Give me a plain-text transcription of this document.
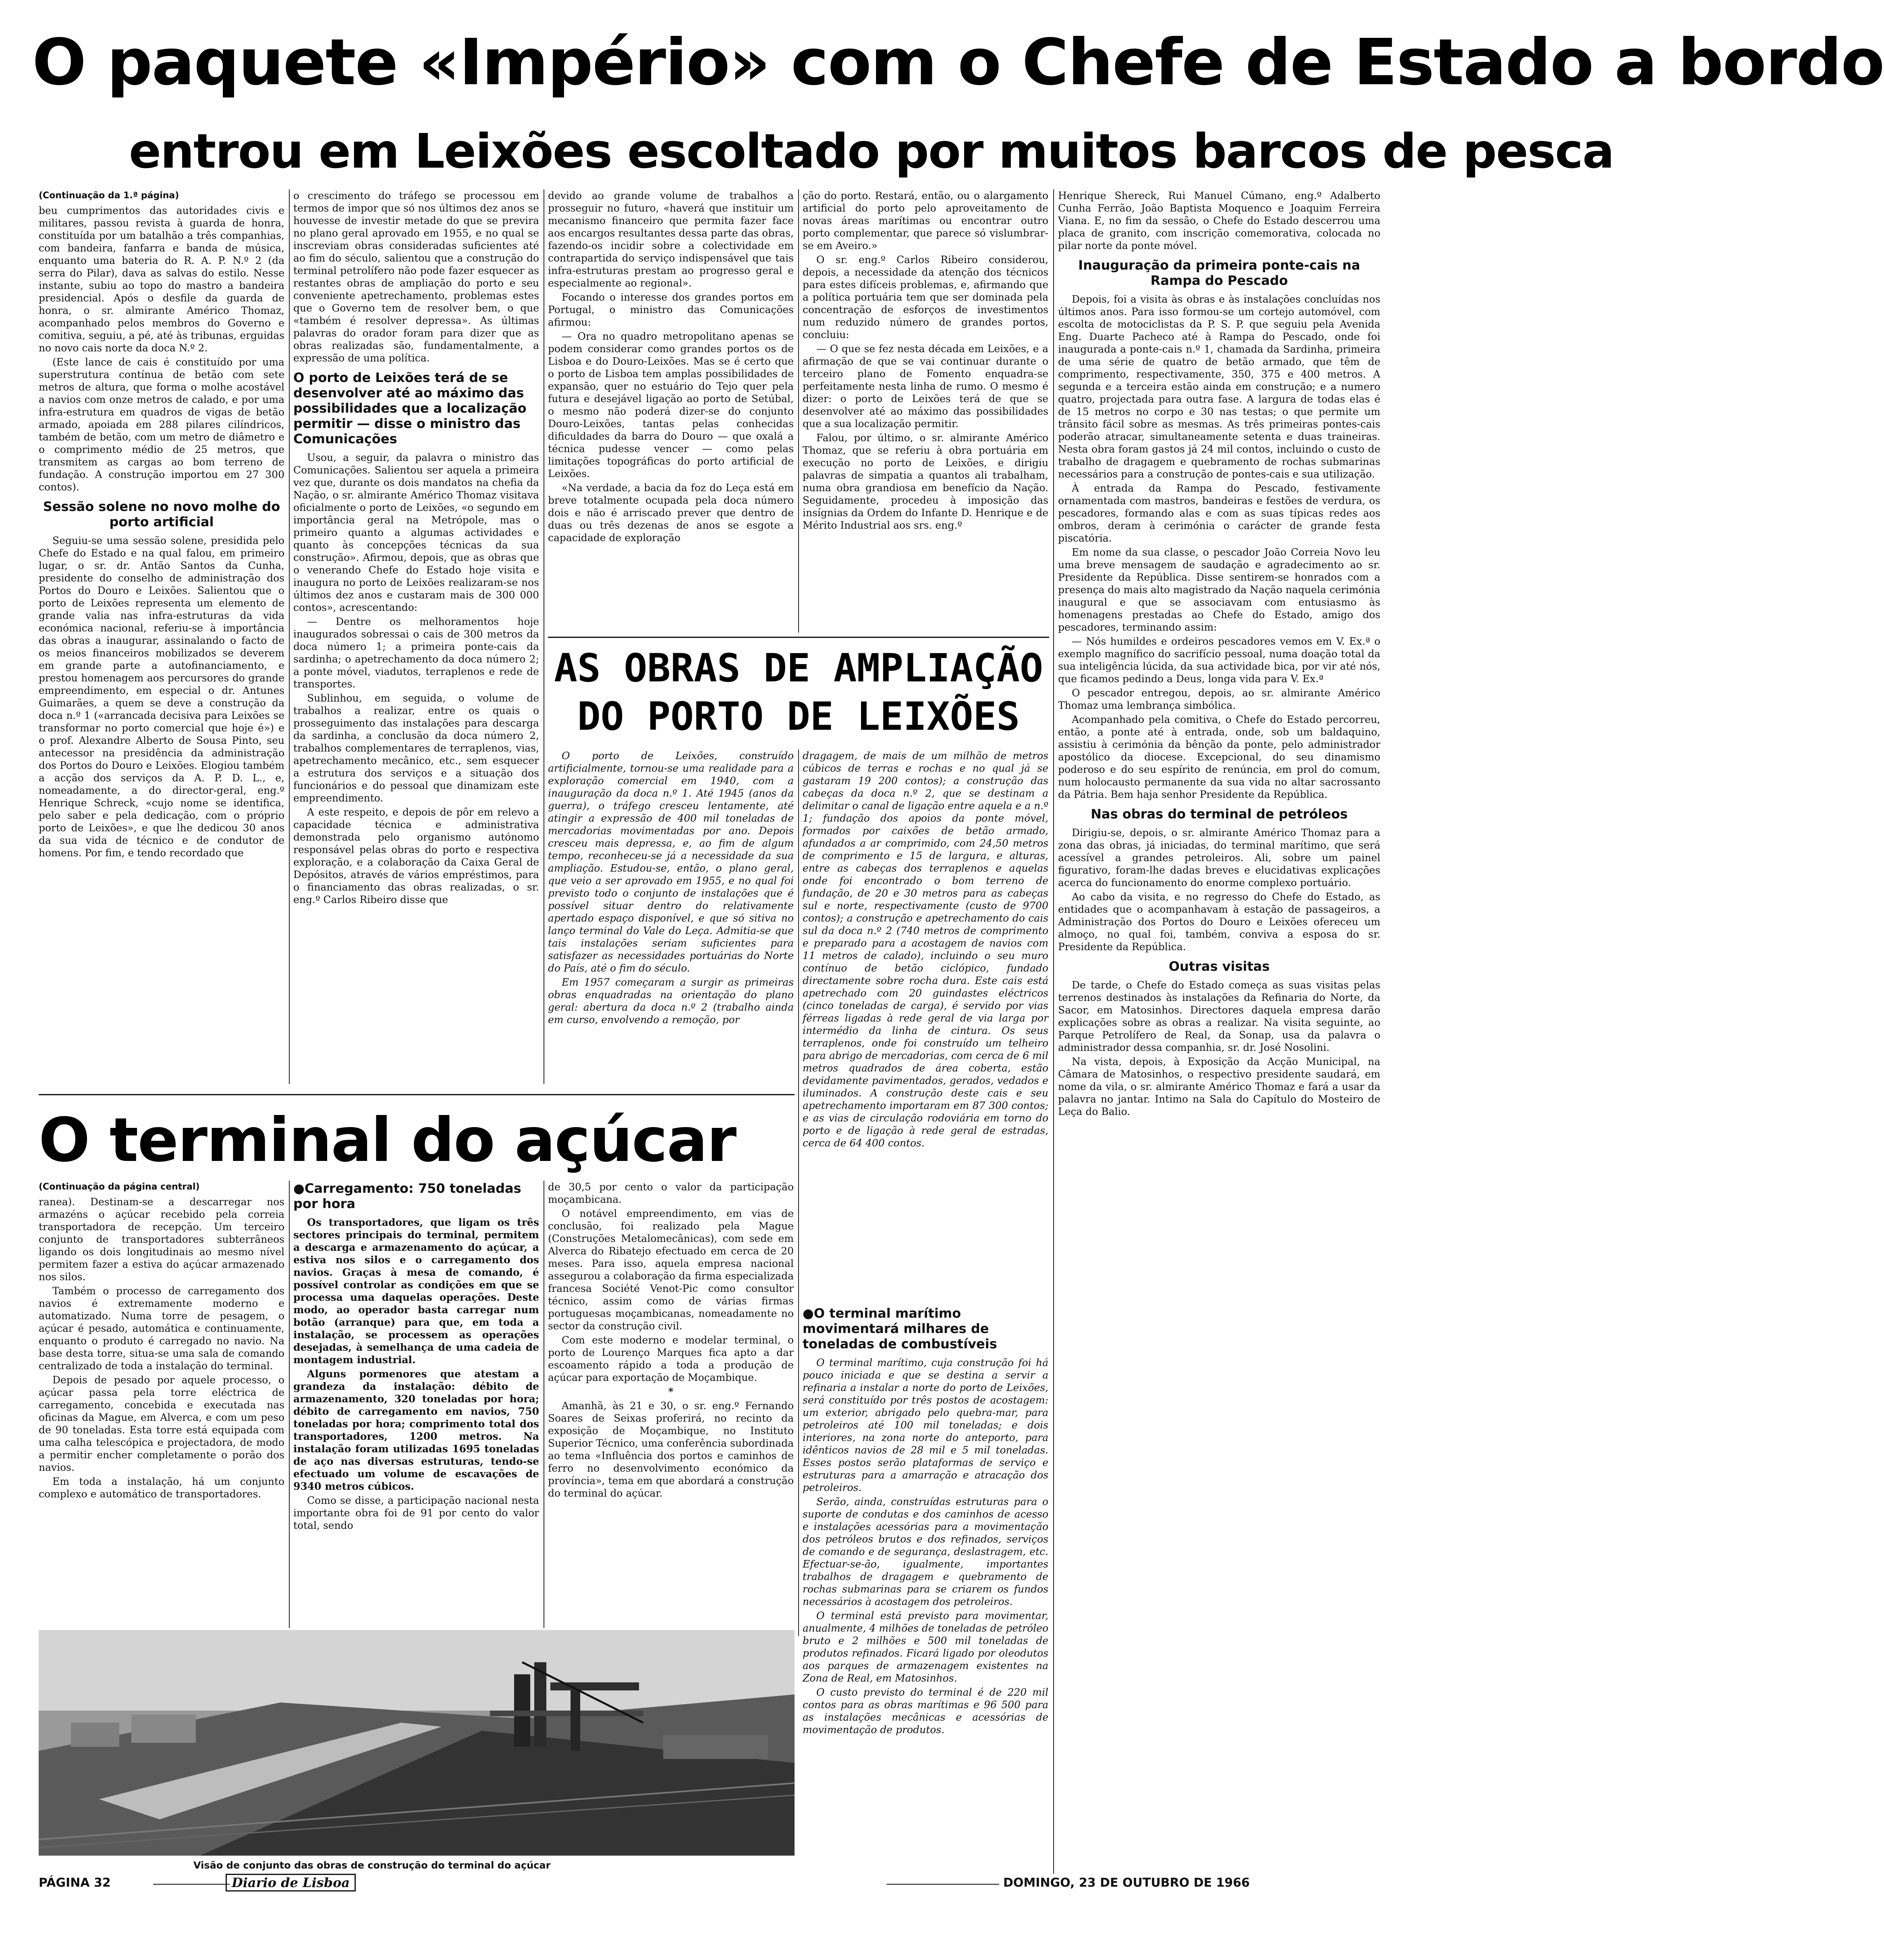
O paquete «Império» com o Chefe de Estado a bordo
entrou em Leixões escoltado por muitos barcos de pesca
(Continuação da 1.ª página)

beu cumprimentos das autoridades civis e militares, passou revista à guarda de honra, constituída por um batalhão a três companhias, com bandeira, fanfarra e banda de música, enquanto uma bateria do R. A. P. N.º 2 (da serra do Pilar), dava as salvas do estilo. Nesse instante, subiu ao topo do mastro a bandeira presidencial. Após o desfile da guarda de honra, o sr. almirante Américo Thomaz, acompanhado pelos membros do Governo e comitiva, seguiu, a pé, até às tribunas, erguidas no novo cais norte da doca N.º 2.

(Este lance de cais é constituído por uma superstrutura contínua de betão com sete metros de altura, que forma o molhe acostável a navios com onze metros de calado, e por uma infra-estrutura em quadros de vigas de betão armado, apoiada em 288 pilares cilíndricos, também de betão, com um metro de diâmetro e o comprimento médio de 25 metros, que transmitem as cargas ao bom terreno de fundação. A construção importou em 27 300 contos).

Sessão solene no novo molhe do porto artificial

Seguiu-se uma sessão solene, presidida pelo Chefe do Estado e na qual falou, em primeiro lugar, o sr. dr. Antão Santos da Cunha, presidente do conselho de administração dos Portos do Douro e Leixões. Salientou que o porto de Leixões representa um elemento de grande valia nas infra-estruturas da vida económica nacional, referiu-se à importância das obras a inaugurar, assinalando o facto de os meios financeiros mobilizados se deverem em grande parte a autofinanciamento, e prestou homenagem aos percursores do grande empreendimento, em especial o dr. Antunes Guimarães, a quem se deve a construção da doca n.º 1 («arrancada decisiva para Leixões se transformar no porto comercial que hoje é») e o prof. Alexandre Alberto de Sousa Pinto, seu antecessor na presidência da administração dos Portos do Douro e Leixões. Elogiou também a acção dos serviços da A. P. D. L., e, nomeadamente, a do director-geral, eng.º Henrique Schreck, «cujo nome se identifica, pelo saber e pela dedicação, com o próprio porto de Leixões», e que lhe dedicou 30 anos da sua vida de técnico e de condutor de homens. Por fim, e tendo recordado que

o crescimento do tráfego se processou em termos de impor que só nos últimos dez anos se houvesse de investir metade do que se previra no plano geral aprovado em 1955, e no qual se inscreviam obras consideradas suficientes até ao fim do século, salientou que a construção do terminal petrolífero não pode fazer esquecer as restantes obras de ampliação do porto e seu conveniente apetrechamento, problemas estes que o Governo tem de resolver bem, o que «também é resolver depressa». As últimas palavras do orador foram para dizer que as obras realizadas são, fundamentalmente, a expressão de uma política.

O porto de Leixões terá de se desenvolver até ao máximo das possibilidades que a localização permitir — disse o ministro das Comunicações

Usou, a seguir, da palavra o ministro das Comunicações. Salientou ser aquela a primeira vez que, durante os dois mandatos na chefia da Nação, o sr. almirante Américo Thomaz visitava oficialmente o porto de Leixões, «o segundo em importância geral na Metrópole, mas o primeiro quanto a algumas actividades e quanto às concepções técnicas da sua construção». Afirmou, depois, que as obras que o venerando Chefe do Estado hoje visita e inaugura no porto de Leixões realizaram-se nos últimos dez anos e custaram mais de 300 000 contos», acrescentando:

— Dentre os melhoramentos hoje inaugurados sobressai o cais de 300 metros da doca número 1; a primeira ponte-cais da sardinha; o apetrechamento da doca número 2; a ponte móvel, viadutos, terraplenos e rede de transportes.

Sublinhou, em seguida, o volume de trabalhos a realizar, entre os quais o prosseguimento das instalações para descarga da sardinha, a conclusão da doca número 2, trabalhos complementares de terraplenos, vias, apetrechamento mecânico, etc., sem esquecer a estrutura dos serviços e a situação dos funcionários e do pessoal que dinamizam este empreendimento.

A este respeito, e depois de pôr em relevo a capacidade técnica e administrativa demonstrada pelo organismo autónomo responsável pelas obras do porto e respectiva exploração, e a colaboração da Caixa Geral de Depósitos, através de vários empréstimos, para o financiamento das obras realizadas, o sr. eng.º Carlos Ribeiro disse que

devido ao grande volume de trabalhos a prosseguir no futuro, «haverá que instituir um mecanismo financeiro que permita fazer face aos encargos resultantes dessa parte das obras, fazendo-os incidir sobre a colectividade em contrapartida do serviço indispensável que tais infra-estruturas prestam ao progresso geral e especialmente ao regional».

Focando o interesse dos grandes portos em Portugal, o ministro das Comunicações afirmou:

— Ora no quadro metropolitano apenas se podem considerar como grandes portos os de Lisboa e do Douro-Leixões. Mas se é certo que o porto de Lisboa tem amplas possibilidades de expansão, quer no estuário do Tejo quer pela futura e desejável ligação ao porto de Setúbal, o mesmo não poderá dizer-se do conjunto Douro-Leixões, tantas pelas conhecidas dificuldades da barra do Douro — que oxalá a técnica pudesse vencer — como pelas limitações topográficas do porto artificial de Leixões.

«Na verdade, a bacia da foz do Leça está em breve totalmente ocupada pela doca número dois e não é arriscado prever que dentro de duas ou três dezenas de anos se esgote a capacidade de exploração

ção do porto. Restará, então, ou o alargamento artificial do porto pelo aproveitamento de novas áreas marítimas ou encontrar outro porto complementar, que parece só vislumbrar-se em Aveiro.»

O sr. eng.º Carlos Ribeiro considerou, depois, a necessidade da atenção dos técnicos para estes difíceis problemas, e, afirmando que a política portuária tem que ser dominada pela concentração de esforços de investimentos num reduzido número de grandes portos, concluiu:

— O que se fez nesta década em Leixões, e a afirmação de que se vai continuar durante o terceiro plano de Fomento enquadra-se perfeitamente nesta linha de rumo. O mesmo é dizer: o porto de Leixões terá de que se desenvolver até ao máximo das possibilidades que a sua localização permitir.

Falou, por último, o sr. almirante Américo Thomaz, que se referiu à obra portuária em execução no porto de Leixões, e dirigiu palavras de simpatia a quantos ali trabalham, numa obra grandiosa em benefício da Nação. Seguidamente, procedeu à imposição das insígnias da Ordem do Infante D. Henrique e de Mérito Industrial aos srs. eng.º

Henrique Shereck, Rui Manuel Cúmano, eng.º Adalberto Cunha Ferrão, João Baptista Moquenco e Joaquim Ferreira Viana. E, no fim da sessão, o Chefe do Estado descerrou uma placa de granito, com inscrição comemorativa, colocada no pilar norte da ponte móvel.

Inauguração da primeira ponte-cais na Rampa do Pescado

Depois, foi a visita às obras e às instalações concluídas nos últimos anos. Para isso formou-se um cortejo automóvel, com escolta de motociclistas da P. S. P. que seguiu pela Avenida Eng. Duarte Pacheco até à Rampa do Pescado, onde foi inaugurada a ponte-cais n.º 1, chamada da Sardinha, primeira de uma série de quatro de betão armado, que têm de comprimento, respectivamente, 350, 375 e 400 metros. A segunda e a terceira estão ainda em construção; e a numero quatro, projectada para outra fase. A largura de todas elas é de 15 metros no corpo e 30 nas testas; o que permite um trânsito fácil sobre as mesmas. As três primeiras pontes-cais poderão atracar, simultaneamente setenta e duas traineiras. Nesta obra foram gastos já 24 mil contos, incluindo o custo de trabalho de dragagem e quebramento de rochas submarinas necessários para a construção de pontes-cais e sua utilização.

À entrada da Rampa do Pescado, festivamente ornamentada com mastros, bandeiras e festões de verdura, os pescadores, formando alas e com as suas típicas redes aos ombros, deram à cerimónia o carácter de grande festa piscatória.

Em nome da sua classe, o pescador João Correia Novo leu uma breve mensagem de saudação e agradecimento ao sr. Presidente da República. Disse sentirem-se honrados com a presença do mais alto magistrado da Nação naquela cerimónia inaugural e que se associavam com entusiasmo às homenagens prestadas ao Chefe do Estado, amigo dos pescadores, terminando assim:

— Nós humildes e ordeiros pescadores vemos em V. Ex.ª o exemplo magnífico do sacrifício pessoal, numa doação total da sua inteligência lúcida, da sua actividade bica, por vir até nós, que ficamos pedindo a Deus, longa vida para V. Ex.ª

O pescador entregou, depois, ao sr. almirante Américo Thomaz uma lembrança simbólica.

Acompanhado pela comitiva, o Chefe do Estado percorreu, então, a ponte até à entrada, onde, sob um baldaquino, assistiu à cerimónia da bênção da ponte, pelo administrador apostólico da diocese. Excepcional, do seu dinamismo poderoso e do seu espírito de renúncia, em prol do comum, num holocausto permanente da sua vida no altar sacrossanto da Pátria. Bem haja senhor Presidente da República.

Nas obras do terminal de petróleos

Dirigiu-se, depois, o sr. almirante Américo Thomaz para a zona das obras, já iniciadas, do terminal marítimo, que será acessível a grandes petroleiros. Ali, sobre um painel figurativo, foram-lhe dadas breves e elucidativas explicações acerca do funcionamento do enorme complexo portuário.

Ao cabo da visita, e no regresso do Chefe do Estado, as entidades que o acompanhavam à estação de passageiros, a Administração dos Portos do Douro e Leixões ofereceu um almoço, no qual foi, também, conviva a esposa do sr. Presidente da República.

Outras visitas

De tarde, o Chefe do Estado começa as suas visitas pelas terrenos destinados às instalações da Refinaria do Norte, da Sacor, em Matosinhos. Directores daquela empresa darão explicações sobre as obras a realizar. Na visita seguinte, ao Parque Petrolífero de Real, da Sonap, usa da palavra o administrador dessa companhia, sr. dr. José Nosolini.

Na vista, depois, à Exposição da Acção Municipal, na Câmara de Matosinhos, o respectivo presidente saudará, em nome da vila, o sr. almirante Américo Thomaz e fará a usar da palavra no jantar. Intimo na Sala do Capítulo do Mosteiro de Leça do Balio.

AS OBRAS DE AMPLIAÇÃO
DO PORTO DE LEIXÕES

O porto de Leixões, construído artificialmente, tornou-se uma realidade para a exploração comercial em 1940, com a inauguração da doca n.º 1. Até 1945 (anos da guerra), o tráfego cresceu lentamente, até atingir a expressão de 400 mil toneladas de mercadorias movimentadas por ano. Depois cresceu mais depressa, e, ao fim de algum tempo, reconheceu-se já a necessidade da sua ampliação. Estudou-se, então, o plano geral, que veio a ser aprovado em 1955, e no qual foi previsto todo o conjunto de instalações que é possível situar dentro do relativamente apertado espaço disponível, e que só sitiva no lanço terminal do Vale do Leça. Admitia-se que tais instalações seriam suficientes para satisfazer as necessidades portuárias do Norte do País, até o fim do século.

Em 1957 começaram a surgir as primeiras obras enquadradas na orientação do plano geral: abertura da doca n.º 2 (trabalho ainda em curso, envolvendo a remoção, por

dragagem, de mais de um milhão de metros cúbicos de terras e rochas e no qual já se gastaram 19 200 contos); a construção das cabeças da doca n.º 2, que se destinam a delimitar o canal de ligação entre aquela e a n.º 1; fundação dos apoios da ponte móvel, formados por caixões de betão armado, afundados a ar comprimido, com 24,50 metros de comprimento e 15 de largura, e alturas, entre as cabeças dos terraplenos e aquelas onde foi encontrado o bom terreno de fundação, de 20 e 30 metros para as cabeças sul e norte, respectivamente (custo de 9700 contos); a construção e apetrechamento do cais sul da doca n.º 2 (740 metros de comprimento e preparado para a acostagem de navios com 11 metros de calado), incluindo o seu muro contínuo de betão ciclópico, fundado directamente sobre rocha dura. Este cais está apetrechado com 20 guindastes eléctricos (cinco toneladas de carga), é servido por vias férreas ligadas à rede geral de via larga por intermédio da linha de cintura. Os seus terraplenos, onde foi construído um telheiro para abrigo de mercadorias, com cerca de 6 mil metros quadrados de área coberta, estão devidamente pavimentados, gerados, vedados e iluminados. A construção deste cais e seu apetrechamento importaram em 87 300 contos; e as vias de circulação rodoviária em torno do porto e de ligação à rede geral de estradas, cerca de 64 400 contos.

● O terminal marítimo movimentará milhares de toneladas de combustíveis

O terminal marítimo, cuja construção foi há pouco iniciada e que se destina a servir a refinaria a instalar a norte do porto de Leixões, será constituído por três postos de acostagem: um exterior, abrigado pelo quebra-mar, para petroleiros até 100 mil toneladas; e dois interiores, na zona norte do anteporto, para idênticos navios de 28 mil e 5 mil toneladas. Esses postos serão plataformas de serviço e estruturas para a amarração e atracação dos petroleiros.

Serão, ainda, construídas estruturas para o suporte de condutas e dos caminhos de acesso e instalações acessórias para a movimentação dos petróleos brutos e dos refinados, serviços de comando e de segurança, deslastragem, etc. Efectuar-se-ão, igualmente, importantes trabalhos de dragagem e quebramento de rochas submarinas para se criarem os fundos necessários à acostagem dos petroleiros.

O terminal está previsto para movimentar, anualmente, 4 milhões de toneladas de petróleo bruto e 2 milhões e 500 mil toneladas de produtos refinados. Ficará ligado por oleodutos aos parques de armazenagem existentes na Zona de Real, em Matosinhos.

O custo previsto do terminal é de 220 mil contos para as obras marítimas e 96 500 para as instalações mecânicas e acessórias de movimentação de produtos.

O terminal do açúcar
(Continuação da página central)

ranea). Destinam-se a descarregar nos armazéns o açúcar recebido pela correia transportadora de recepção. Um terceiro conjunto de transportadores subterrâneos ligando os dois longitudinais ao mesmo nível permitem fazer a estiva do açúcar armazenado nos silos.

Também o processo de carregamento dos navios é extremamente moderno e automatizado. Numa torre de pesagem, o açúcar é pesado, automática e continuamente, enquanto o produto é carregado no navio. Na base desta torre, situa-se uma sala de comando centralizado de toda a instalação do terminal.

Depois de pesado por aquele processo, o açúcar passa pela torre eléctrica de carregamento, concebida e executada nas oficinas da Mague, em Alverca, e com um peso de 90 toneladas. Esta torre está equipada com uma calha telescópica e projectadora, de modo a permitir encher completamente o porão dos navios.

Em toda a instalação, há um conjunto complexo e automático de transportadores.

● Carregamento: 750 toneladas por hora

Os transportadores, que ligam os três sectores principais do terminal, permitem a descarga e armazenamento do açúcar, a estiva nos silos e o carregamento dos navios. Graças à mesa de comando, é possível controlar as condições em que se processa uma daquelas operações. Deste modo, ao operador basta carregar num botão (arranque) para que, em toda a instalação, se processem as operações desejadas, à semelhança de uma cadeia de montagem industrial.

Alguns pormenores que atestam a grandeza da instalação: débito de armazenamento, 320 toneladas por hora; débito de carregamento em navios, 750 toneladas por hora; comprimento total dos transportadores, 1200 metros. Na instalação foram utilizadas 1695 toneladas de aço nas diversas estruturas, tendo-se efectuado um volume de escavações de 9340 metros cúbicos.

Como se disse, a participação nacional nesta importante obra foi de 91 por cento do valor total, sendo

de 30,5 por cento o valor da participação moçambicana.

O notável empreendimento, em vias de conclusão, foi realizado pela Mague (Construções Metalomecânicas), com sede em Alverca do Ribatejo efectuado em cerca de 20 meses. Para isso, aquela empresa nacional assegurou a colaboração da firma especializada francesa Société Venot-Pic como consultor técnico, assim como de várias firmas portuguesas moçambicanas, nomeadamente no sector da construção civil.

Com este moderno e modelar terminal, o porto de Lourenço Marques fica apto a dar escoamento rápido a toda a produção de açúcar para exportação de Moçambique.

*

Amanhã, às 21 e 30, o sr. eng.º Fernando Soares de Seixas proferirá, no recinto da exposição de Moçambique, no Instituto Superior Técnico, uma conferência subordinada ao tema «Influência dos portos e caminhos de ferro no desenvolvimento económico da província», tema em que abordará a construção do terminal do açúcar.

Visão de conjunto das obras de construção do terminal do açúcar
PÁGINA 32	Diario de Lisboa	DOMINGO, 23 DE OUTUBRO DE 1966
